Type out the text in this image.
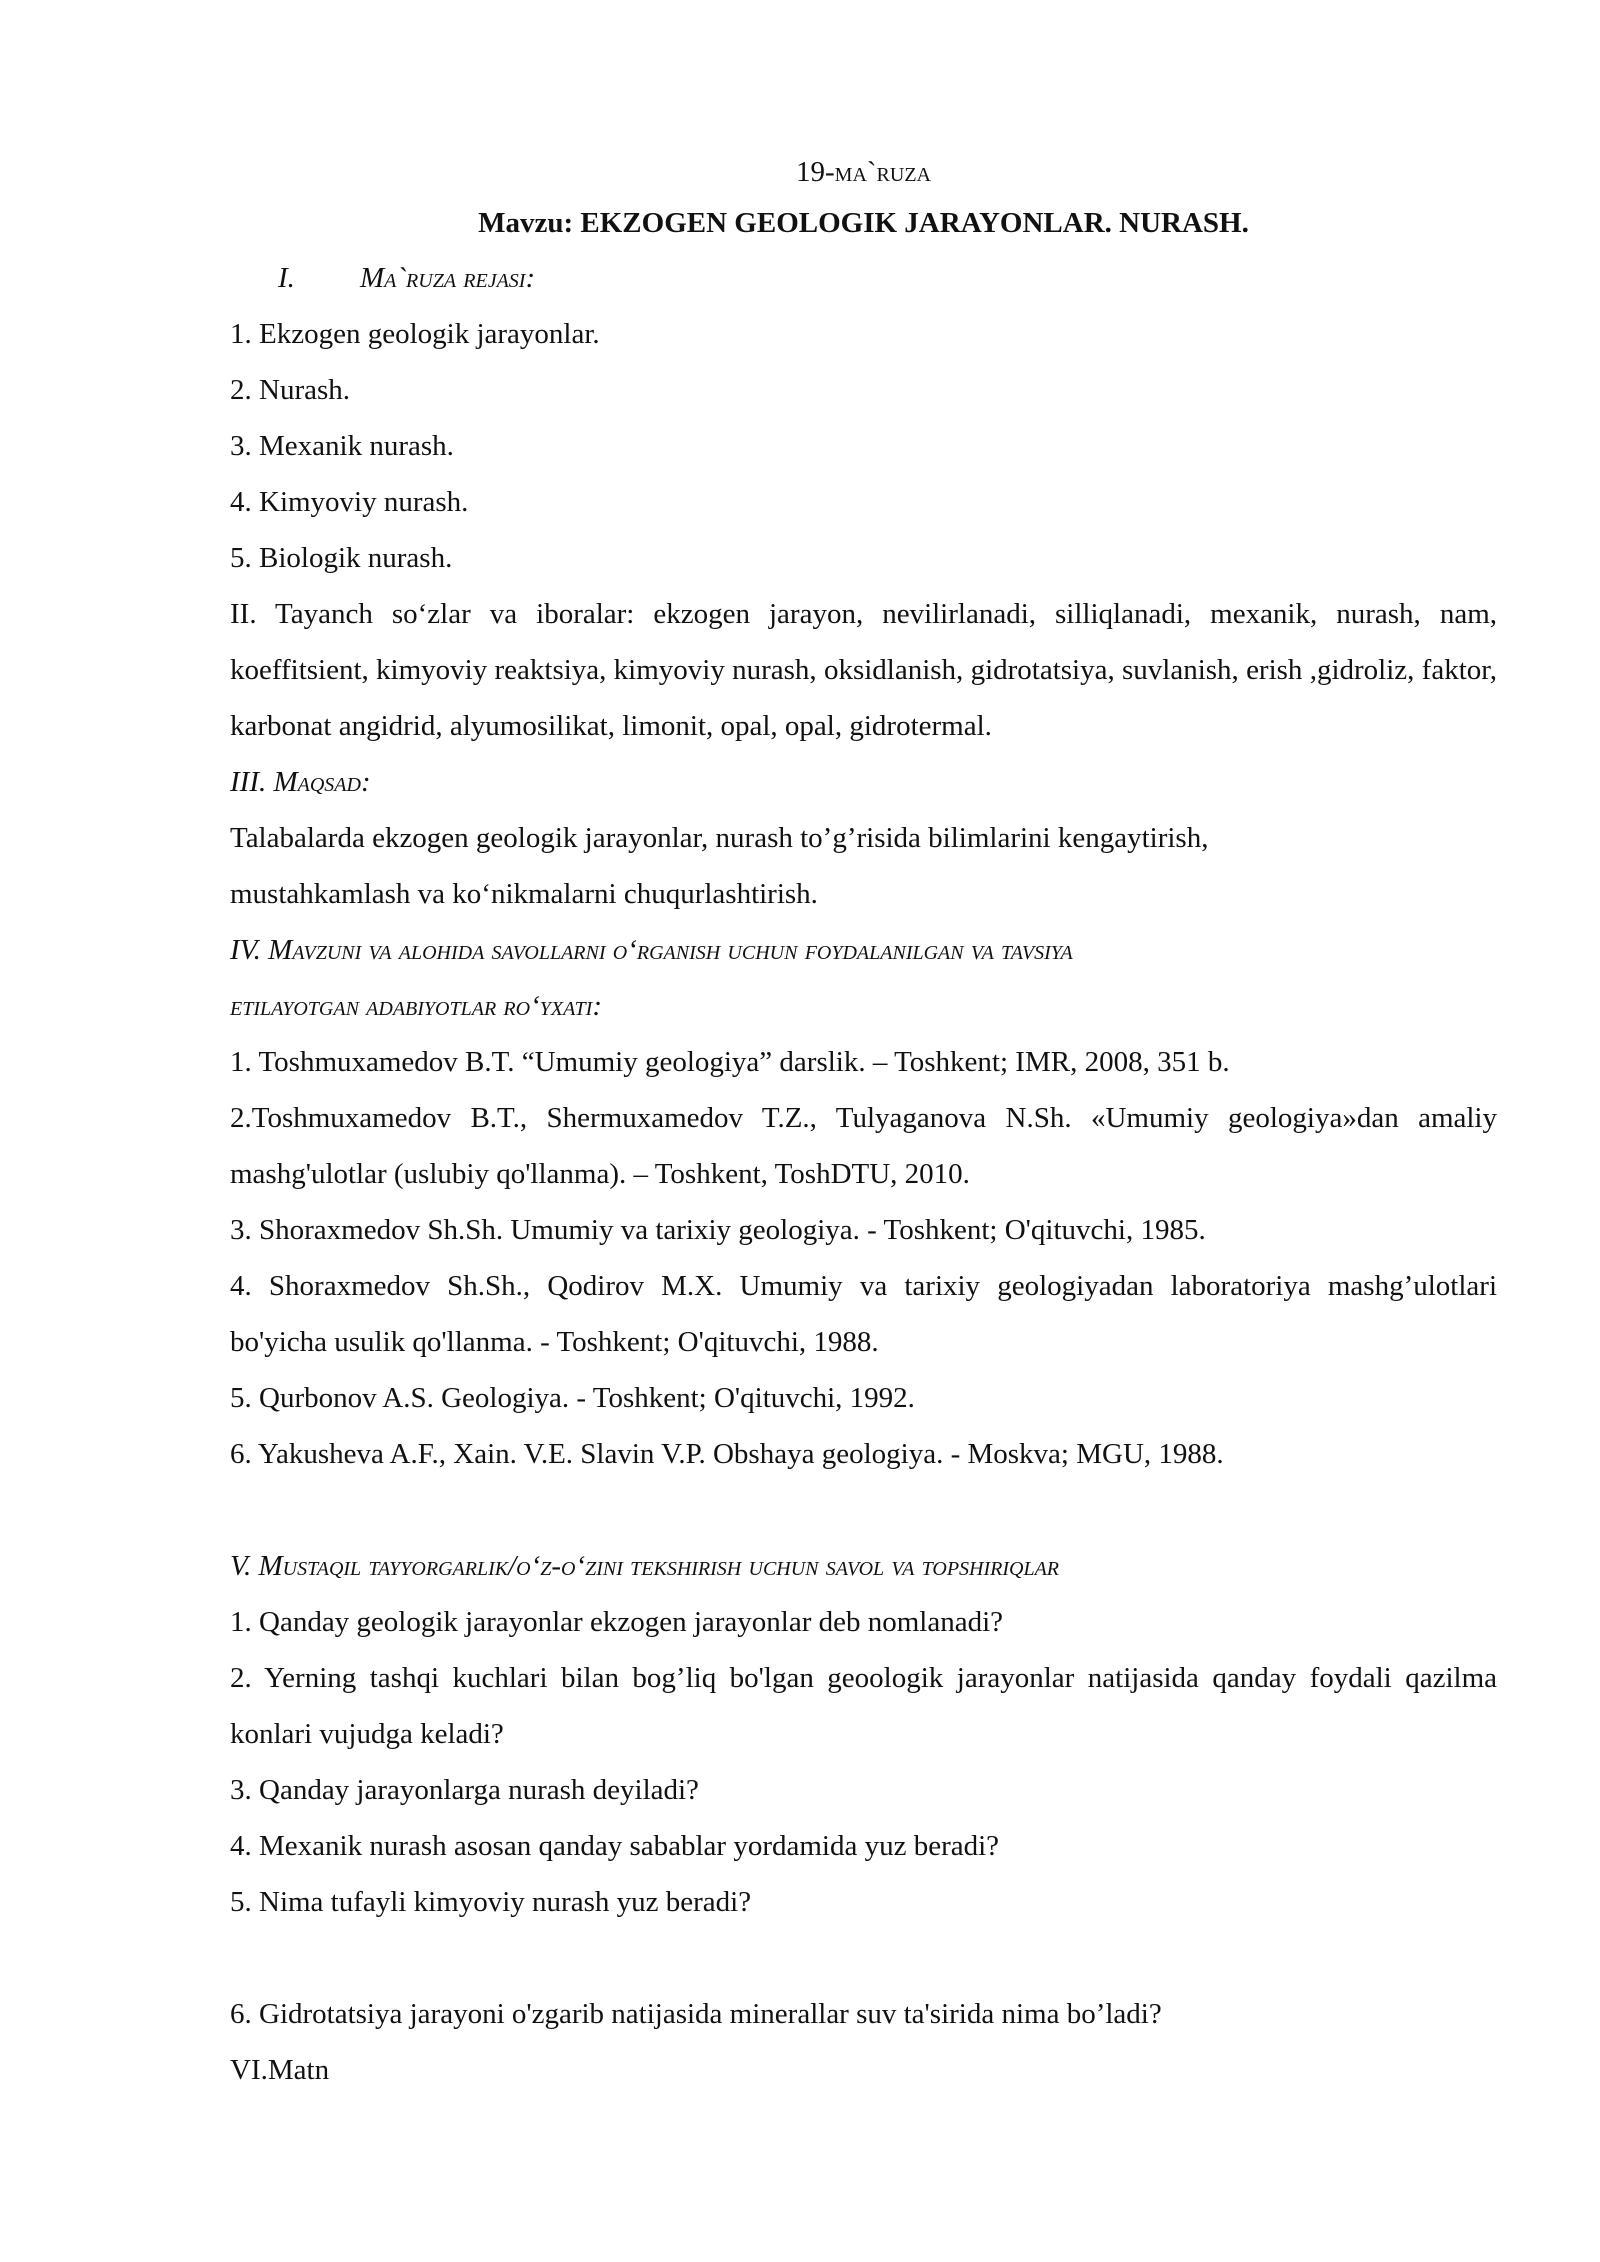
19-ma`ruza
Mavzu: EKZOGEN GEOLOGIK JARAYONLAR. NURASH.
I. Ma`ruza rejasi:

1. Ekzogen geologik jarayonlar.

2. Nurash.

3. Mexanik nurash.

4. Kimyoviy nurash.

5. Biologik nurash.

II. Tayanch so‘zlar va iboralar: ekzogen jarayon, nevilirlanadi, silliqlanadi, mexanik, nurash, nam, koeffitsient, kimyoviy reaktsiya, kimyoviy nurash, oksidlanish, gidrotatsiya, suvlanish, erish ,gidroliz, faktor, karbonat angidrid, alyumosilikat, limonit, opal, opal, gidrotermal.

III. Maqsad:

Talabalarda ekzogen geologik jarayonlar, nurash to’g’risida bilimlarini kengaytirish,

mustahkamlash va ko‘nikmalarni chuqurlashtirish.

IV. Mavzuni va alohida savollarni o‘rganish uchun foydalanilgan va tavsiya
etilayotgan adabiyotlar ro‘yxati:

1. Toshmuxamedov B.T. “Umumiy geologiya” darslik. – Toshkent; IMR, 2008, 351 b.

2.Toshmuxamedov B.T., Shermuxamedov T.Z., Tulyaganova N.Sh. «Umumiy geologiya»dan amaliy mashg'ulotlar (uslubiy qo'llanma). – Toshkent, ToshDTU, 2010.

3. Shoraxmedov Sh.Sh. Umumiy va tarixiy geologiya. - Toshkent; O'qituvchi, 1985.

4. Shoraxmedov Sh.Sh., Qodirov M.X. Umumiy va tarixiy geologiyadan laboratoriya mashg’ulotlari bo'yicha usulik qo'llanma. - Toshkent; O'qituvchi, 1988.

5. Qurbonov A.S. Geologiya. - Toshkent; O'qituvchi, 1992.

6. Yakusheva A.F., Xain. V.E. Slavin V.P. Obshaya geologiya. - Moskva; MGU, 1988.

V. Mustaqil tayyorgarlik/o‘z-o‘zini tekshirish uchun savol va topshiriqlar

1. Qanday geologik jarayonlar ekzogen jarayonlar deb nomlanadi?

2. Yerning tashqi kuchlari bilan bog’liq bo'lgan geoologik jarayonlar natijasida qanday foydali qazilma konlari vujudga keladi?

3. Qanday jarayonlarga nurash deyiladi?

4. Mexanik nurash asosan qanday sabablar yordamida yuz beradi?

5. Nima tufayli kimyoviy nurash yuz beradi?

6. Gidrotatsiya jarayoni o'zgarib natijasida minerallar suv ta'sirida nima bo’ladi?

VI.Matn
